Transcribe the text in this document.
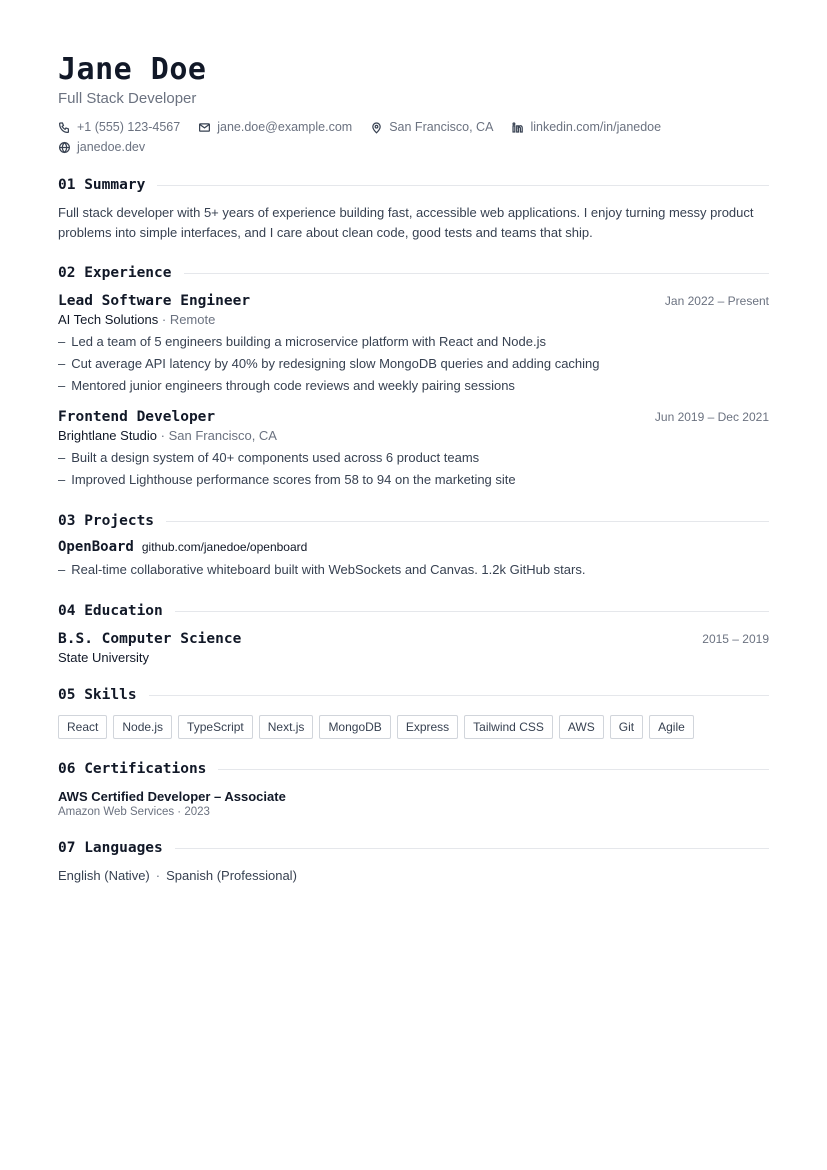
Jane Doe
Full Stack Developer
+1 (555) 123-4567	jane.doe@example.com	San Francisco, CA	linkedin.com/in/janedoe
janedoe.dev
01 Summary
Full stack developer with 5+ years of experience building fast, accessible web applications. I enjoy turning messy product problems into simple interfaces, and I care about clean code, good tests and teams that ship.
02 Experience
Lead Software Engineer	Jan 2022 – Present
AI Tech Solutions · Remote
– Led a team of 5 engineers building a microservice platform with React and Node.js
– Cut average API latency by 40% by redesigning slow MongoDB queries and adding caching
– Mentored junior engineers through code reviews and weekly pairing sessions
Frontend Developer	Jun 2019 – Dec 2021
Brightlane Studio · San Francisco, CA
– Built a design system of 40+ components used across 6 product teams
– Improved Lighthouse performance scores from 58 to 94 on the marketing site
03 Projects
OpenBoard github.com/janedoe/openboard
– Real-time collaborative whiteboard built with WebSockets and Canvas. 1.2k GitHub stars.
04 Education
B.S. Computer Science	2015 – 2019
State University
05 Skills
React	Node.js	TypeScript	Next.js	MongoDB	Express	Tailwind CSS	AWS	Git	Agile
06 Certifications
AWS Certified Developer – Associate
Amazon Web Services · 2023
07 Languages
English (Native) · Spanish (Professional)
